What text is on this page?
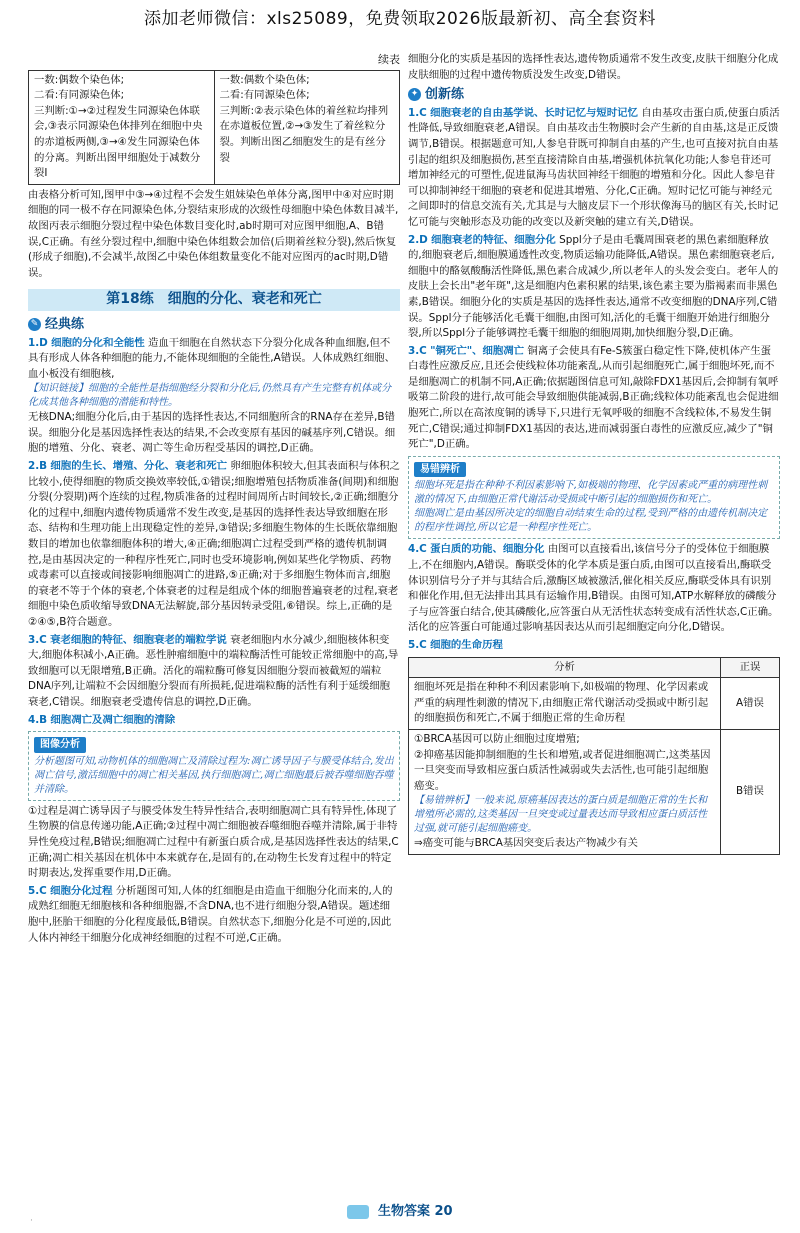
添加老师微信：xls25089，免费领取2026版最新初、高全套资料
续表
一数:偶数个染色体;
二看:有同源染色体;
三判断:①→②过程发生同源染色体联会,③表示同源染色体排列在细胞中央的赤道板两侧,③→④发生同源染色体的分离。判断出图甲细胞处于减数分裂Ⅰ	一数:偶数个染色体;
二看:有同源染色体;
三判断:②表示染色体的着丝粒均排列在赤道板位置,②→③发生了着丝粒分裂。判断出图乙细胞发生的是有丝分裂

由表格分析可知,图甲中③→④过程不会发生姐妹染色单体分离,图甲中④对应时期细胞的同一极不存在同源染色体,分裂结束形成的次级性母细胞中染色体数目减半,故图丙表示细胞分裂过程中染色体数目变化时,ab时期可对应图甲细胞,A、B错误,C正确。有丝分裂过程中,细胞中染色体组数会加倍(后期着丝粒分裂),然后恢复(形成子细胞),不会减半,故图乙中染色体组数量变化不能对应图丙的ac时期,D错误。

第18练　细胞的分化、衰老和死亡
✎ 经典练

1.D 细胞的分化和全能性 造血干细胞在自然状态下分裂分化成各种血细胞,但不具有形成人体各种细胞的能力,不能体现细胞的全能性,A错误。人体成熟红细胞、血小板没有细胞核,

【知识链接】细胞的全能性是指细胞经分裂和分化后,仍然具有产生完整有机体或分化成其他各种细胞的潜能和特性。

无核DNA;细胞分化后,由于基因的选择性表达,不同细胞所含的RNA存在差异,B错误。细胞分化是基因选择性表达的结果,不会改变原有基因的碱基序列,C错误。细胞的增殖、分化、衰老、凋亡等生命历程受基因的调控,D正确。

2.B 细胞的生长、增殖、分化、衰老和死亡 卵细胞体积较大,但其表面积与体积之比较小,使得细胞的物质交换效率较低,①错误;细胞增殖包括物质准备(间期)和细胞分裂(分裂期)两个连续的过程,物质准备的过程时间周所占时间较长,②正确;细胞分化的过程中,细胞内遗传物质通常不发生改变,是基因的选择性表达导致细胞在形态、结构和生理功能上出现稳定性的差异,③错误;多细胞生物体的生长既依靠细胞数目的增加也依靠细胞体积的增大,④正确;细胞凋亡过程受到严格的遗传机制调控,是由基因决定的一种程序性死亡,同时也受环境影响,例如某些化学物质、药物或毒素可以直接或间接影响细胞凋亡的进路,⑤正确;对于多细胞生物体而言,细胞的衰老不等于个体的衰老,个体衰老的过程是组成个体的细胞普遍衰老的过程,衰老细胞中染色质收缩导致DNA无法解旋,部分基因转录受阻,⑥错误。综上,正确的是②④⑤,B符合题意。

3.C 衰老细胞的特征、细胞衰老的端粒学说 衰老细胞内水分减少,细胞核体积变大,细胞体积减小,A正确。恶性肿瘤细胞中的端粒酶活性可能较正常细胞中的高,导致细胞可以无限增殖,B正确。活化的端粒酶可修复因细胞分裂而被截短的端粒DNA序列,让端粒不会因细胞分裂而有所损耗,促进端粒酶的活性有利于延缓细胞衰老,C错误。细胞衰老受遗传信息的调控,D正确。

4.B 细胞凋亡及凋亡细胞的清除

图像分析

分析题图可知,动物机体的细胞凋亡及清除过程为:凋亡诱导因子与膜受体结合,发出凋亡信号,激活细胞中的凋亡相关基因,执行细胞凋亡,凋亡细胞最后被吞噬细胞吞噬并清除。

①过程是凋亡诱导因子与膜受体发生特异性结合,表明细胞凋亡具有特异性,体现了生物膜的信息传递功能,A正确;②过程中凋亡细胞被吞噬细胞吞噬并清除,属于非特异性免疫过程,B错误;细胞凋亡过程中有新蛋白质合成,是基因选择性表达的结果,C正确;凋亡相关基因在机体中本来就存在,是固有的,在动物生长发育过程中的特定时期表达,发挥重要作用,D正确。

5.C 细胞分化过程 分析题图可知,人体的红细胞是由造血干细胞分化而来的,人的成熟红细胞无细胞核和各种细胞器,不含DNA,也不进行细胞分裂,A错误。题述细胞中,胚胎干细胞的分化程度最低,B错误。自然状态下,细胞分化是不可逆的,因此人体内神经干细胞分化成神经细胞的过程不可逆,C正确。

细胞分化的实质是基因的选择性表达,遗传物质通常不发生改变,皮肤干细胞分化成皮肤细胞的过程中遗传物质没发生改变,D错误。

✦ 创新练

1.C 细胞衰老的自由基学说、长时记忆与短时记忆 自由基攻击蛋白质,使蛋白质活性降低,导致细胞衰老,A错误。自由基攻击生物膜时会产生新的自由基,这是正反馈调节,B错误。根据题意可知,人参皂苷既可抑制自由基的产生,也可直接对抗自由基引起的组织及细胞损伤,甚至直接清除自由基,增强机体抗氧化功能;人参皂苷还可增加神经元的可塑性,促进鼠海马齿状回神经干细胞的增殖和分化。因此人参皂苷可以抑制神经干细胞的衰老和促进其增殖、分化,C正确。短时记忆可能与神经元之间即时的信息交流有关,尤其是与大脑皮层下一个形状像海马的脑区有关,长时记忆可能与突触形态及功能的改变以及新突触的建立有关,D错误。

2.D 细胞衰老的特征、细胞分化 Sppl分子是由毛囊周围衰老的黑色素细胞释放的,细胞衰老后,细胞膜通透性改变,物质运输功能降低,A错误。黑色素细胞衰老后,细胞中的酪氨酸酶活性降低,黑色素合成减少,所以老年人的头发会变白。老年人的皮肤上会长出"老年斑",这是细胞内色素积累的结果,该色素主要为脂褐素而非黑色素,B错误。细胞分化的实质是基因的选择性表达,通常不改变细胞的DNA序列,C错误。Sppl分子能够活化毛囊干细胞,由图可知,活化的毛囊干细胞开始进行细胞分裂,所以Sppl分子能够调控毛囊干细胞的细胞周期,加快细胞分裂,D正确。

3.C "铜死亡"、细胞凋亡 铜离子会使具有Fe-S簇蛋白稳定性下降,使机体产生蛋白毒性应激反应,且还会使线粒体功能紊乱,从而引起细胞死亡,属于细胞坏死,而不是细胞凋亡的机制不同,A正确;依据题图信息可知,敲除FDX1基因后,会抑制有氧呼吸第二阶段的进行,故可能会导致细胞供能减弱,B正确;线粒体功能紊乱也会促进细胞死亡,所以在高浓度铜的诱导下,只进行无氧呼吸的细胞不含线粒体,不易发生铜死亡,C错误;通过抑制FDX1基因的表达,进而减弱蛋白毒性的应激反应,减少了"铜死亡",D正确。

易错辨析

细胞坏死是指在种种不利因素影响下,如极端的物理、化学因素或严重的病理性刺激的情况下,由细胞正常代谢活动受损或中断引起的细胞损伤和死亡。

细胞凋亡是由基因所决定的细胞自动结束生命的过程,受到严格的由遗传机制决定的程序性调控,所以它是一种程序性死亡。

4.C 蛋白质的功能、细胞分化 由图可以直接看出,该信号分子的受体位于细胞膜上,不在细胞内,A错误。酶联受体的化学本质是蛋白质,由图可以直接看出,酶联受体识别信号分子并与其结合后,激酶区域被激活,催化相关反应,酶联受体具有识别和催化作用,但无法排出其具有运输作用,B错误。由图可知,ATP水解释放的磷酸分子与应答蛋白结合,使其磷酸化,应答蛋白从无活性状态转变成有活性状态,C正确。活化的应答蛋白可能通过影响基因表达从而引起细胞定向分化,D错误。

5.C 细胞的生命历程

分析	正误
细胞坏死是指在种种不利因素影响下,如极端的物理、化学因素或严重的病理性刺激的情况下,由细胞正常代谢活动受损或中断引起的细胞损伤和死亡,不属于细胞正常的生命历程	A错误

①BRCA基因可以防止细胞过度增殖;

②抑癌基因能抑制细胞的生长和增殖,或者促进细胞凋亡,这类基因一旦突变而导致相应蛋白质活性减弱或失去活性,也可能引起细胞癌变。

【易错辨析】一般来说,原癌基因表达的蛋白质是细胞正常的生长和增殖所必需的,这类基因一旦突变或过量表达而导致相应蛋白质活性过强,就可能引起细胞癌变。

⇒癌变可能与BRCA基因突变后表达产物减少有关	B错误
生物答案 20
·
